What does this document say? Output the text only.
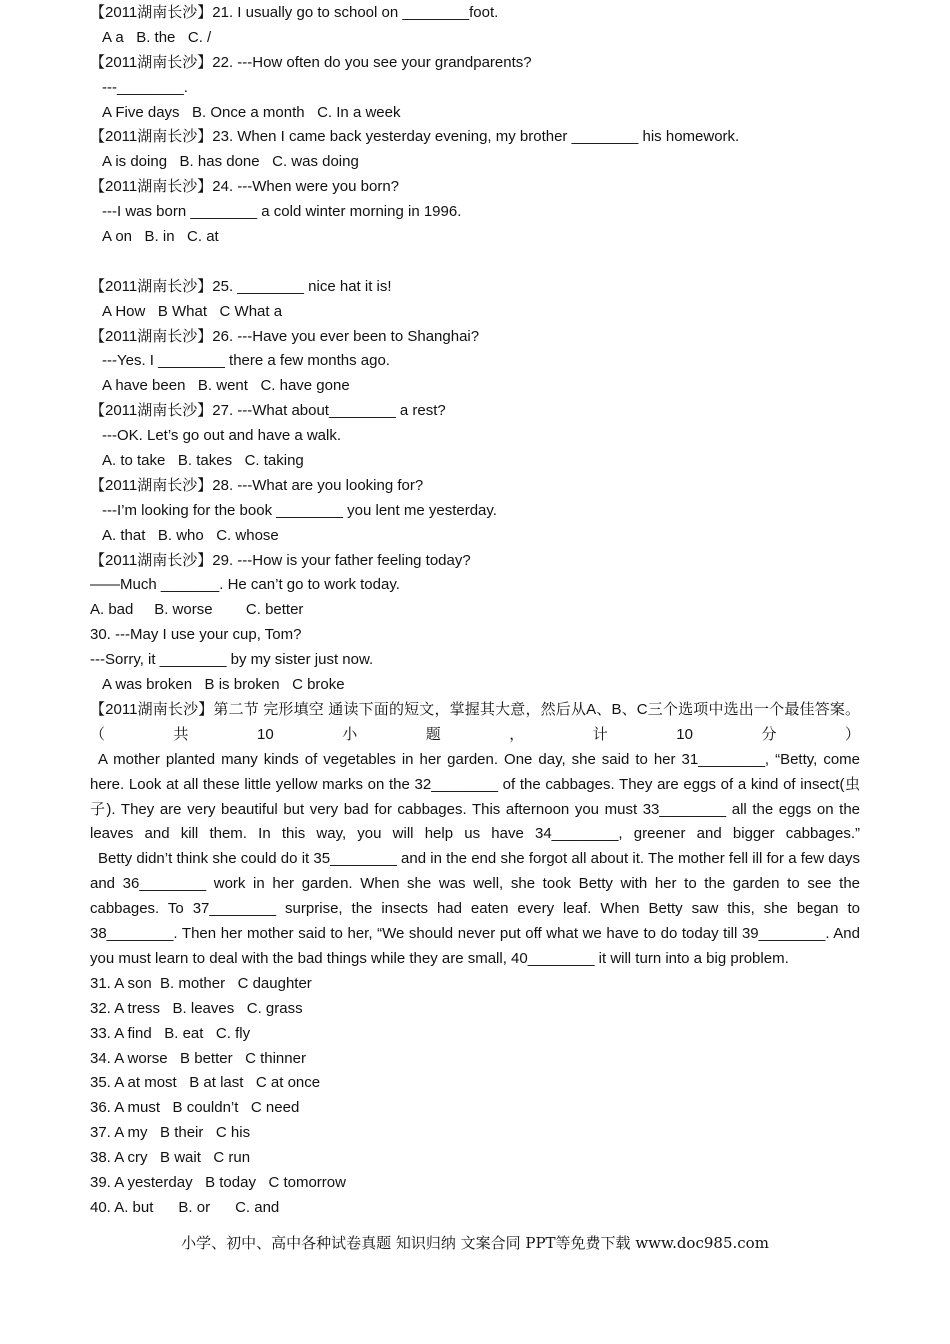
【2011湖南长沙】21. I usually go to school on ________foot.
A a   B. the   C. /
【2011湖南长沙】22. ---How often do you see your grandparents?
---________.
A Five days   B. Once a month   C. In a week
【2011湖南长沙】23. When I came back yesterday evening, my brother ________ his homework.
A is doing   B. has done   C. was doing
【2011湖南长沙】24. ---When were you born?
---I was born ________ a cold winter morning in 1996.
A on   B. in   C. at
【2011湖南长沙】25. ________ nice hat it is!
A How   B What   C What a
【2011湖南长沙】26. ---Have you ever been to Shanghai?
---Yes. I ________ there a few months ago.
A have been   B. went   C. have gone
【2011湖南长沙】27. ---What about________ a rest?
---OK. Let’s go out and have a walk.
A. to take   B. takes   C. taking
【2011湖南长沙】28. ---What are you looking for?
---I’m looking for the book ________ you lent me yesterday.
A. that   B. who   C. whose
【2011湖南长沙】29. ---How is your father feeling today?
——Much _______. He can’t go to work today.
A. bad     B. worse        C. better
30. ---May I use your cup, Tom?
---Sorry, it ________ by my sister just now.
A was broken   B is broken   C broke
【2011湖南长沙】第二节 完形填空 通读下面的短文，掌握其大意，然后从A、B、C三个选项中选出一个最佳答案。（共10小题，计10分）
A mother planted many kinds of vegetables in her garden. One day, she said to her 31________, “Betty, come here. Look at all these little yellow marks on the 32________ of the cabbages. They are eggs of a kind of insect(虫子). They are very beautiful but very bad for cabbages. This afternoon you must 33________ all the eggs on the leaves and kill them. In this way, you will help us have 34________, greener and bigger cabbages.”
Betty didn’t think she could do it 35________ and in the end she forgot all about it. The mother fell ill for a few days and 36________ work in her garden. When she was well, she took Betty with her to the garden to see the cabbages. To 37________ surprise, the insects had eaten every leaf. When Betty saw this, she began to 38________. Then her mother said to her, “We should never put off what we have to do today till 39________. And you must learn to deal with the bad things while they are small, 40________ it will turn into a big problem.
31. A son  B. mother   C daughter
32. A tress   B. leaves   C. grass
33. A find   B. eat   C. fly
34. A worse   B better   C thinner
35. A at most   B at last   C at once
36. A must   B couldn’t   C need
37. A my   B their   C his
38. A cry   B wait   C run
39. A yesterday   B today   C tomorrow
40. A. but      B. or      C. and
小学、初中、高中各种试卷真题 知识归纳 文案合同 PPT等免费下载 www.doc985.com
